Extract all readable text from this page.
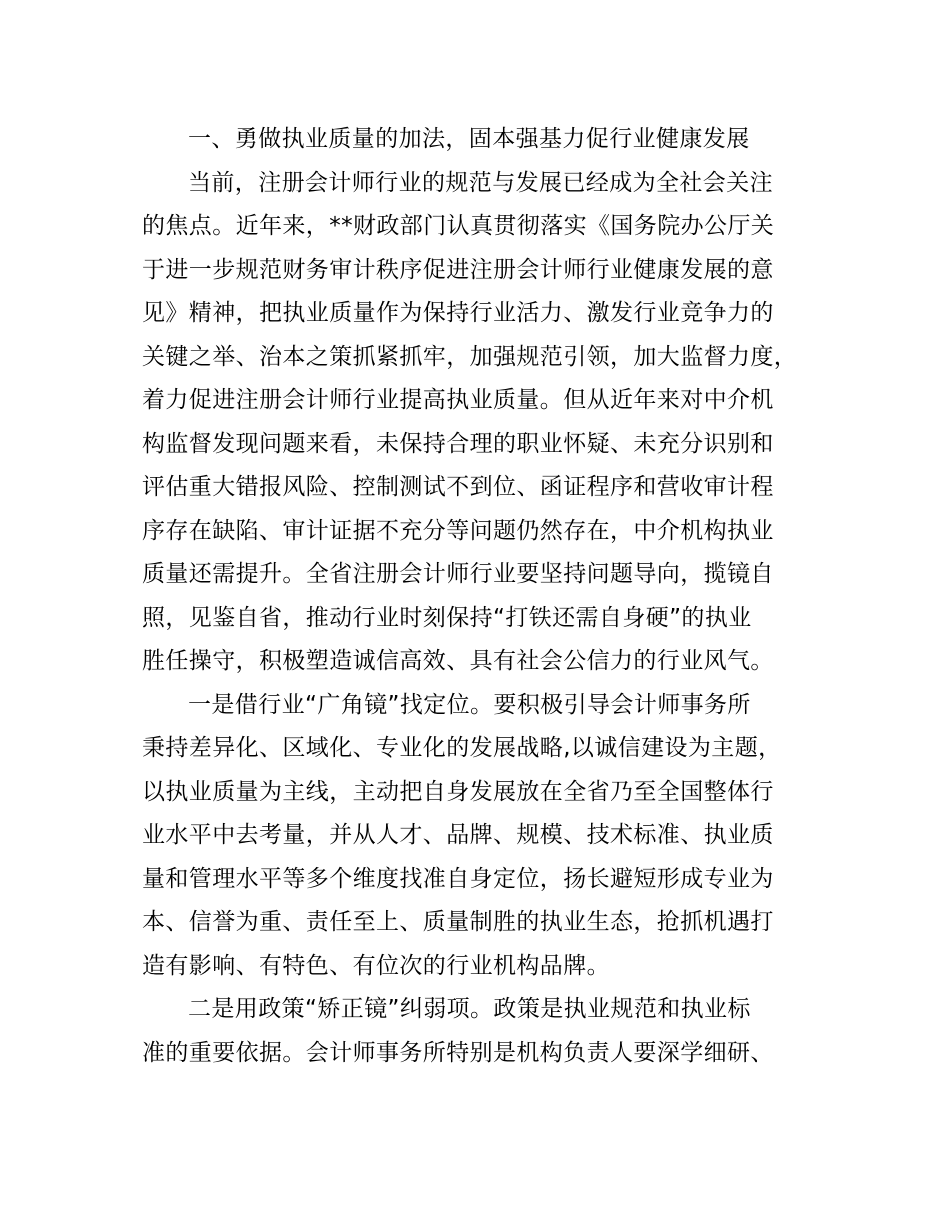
一、勇做执业质量的加法，固本强基力促行业健康发展

当前，注册会计师行业的规范与发展已经成为全社会关注
的焦点。近年来，**财政部门认真贯彻落实《国务院办公厅关
于进一步规范财务审计秩序促进注册会计师行业健康发展的意
见》精神，把执业质量作为保持行业活力、激发行业竞争力的
关键之举、治本之策抓紧抓牢，加强规范引领，加大监督力度，
着力促进注册会计师行业提高执业质量。但从近年来对中介机
构监督发现问题来看，未保持合理的职业怀疑、未充分识别和
评估重大错报风险、控制测试不到位、函证程序和营收审计程
序存在缺陷、审计证据不充分等问题仍然存在，中介机构执业
质量还需提升。全省注册会计师行业要坚持问题导向，揽镜自
照，见鉴自省，推动行业时刻保持“打铁还需自身硬”的执业
胜任操守，积极塑造诚信高效、具有社会公信力的行业风气。

一是借行业“广角镜”找定位。要积极引导会计师事务所
秉持差异化、区域化、专业化的发展战略,以诚信建设为主题，
以执业质量为主线，主动把自身发展放在全省乃至全国整体行
业水平中去考量，并从人才、品牌、规模、技术标准、执业质
量和管理水平等多个维度找准自身定位，扬长避短形成专业为
本、信誉为重、责任至上、质量制胜的执业生态，抢抓机遇打
造有影响、有特色、有位次的行业机构品牌。

二是用政策“矫正镜”纠弱项。政策是执业规范和执业标
准的重要依据。会计师事务所特别是机构负责人要深学细研、
